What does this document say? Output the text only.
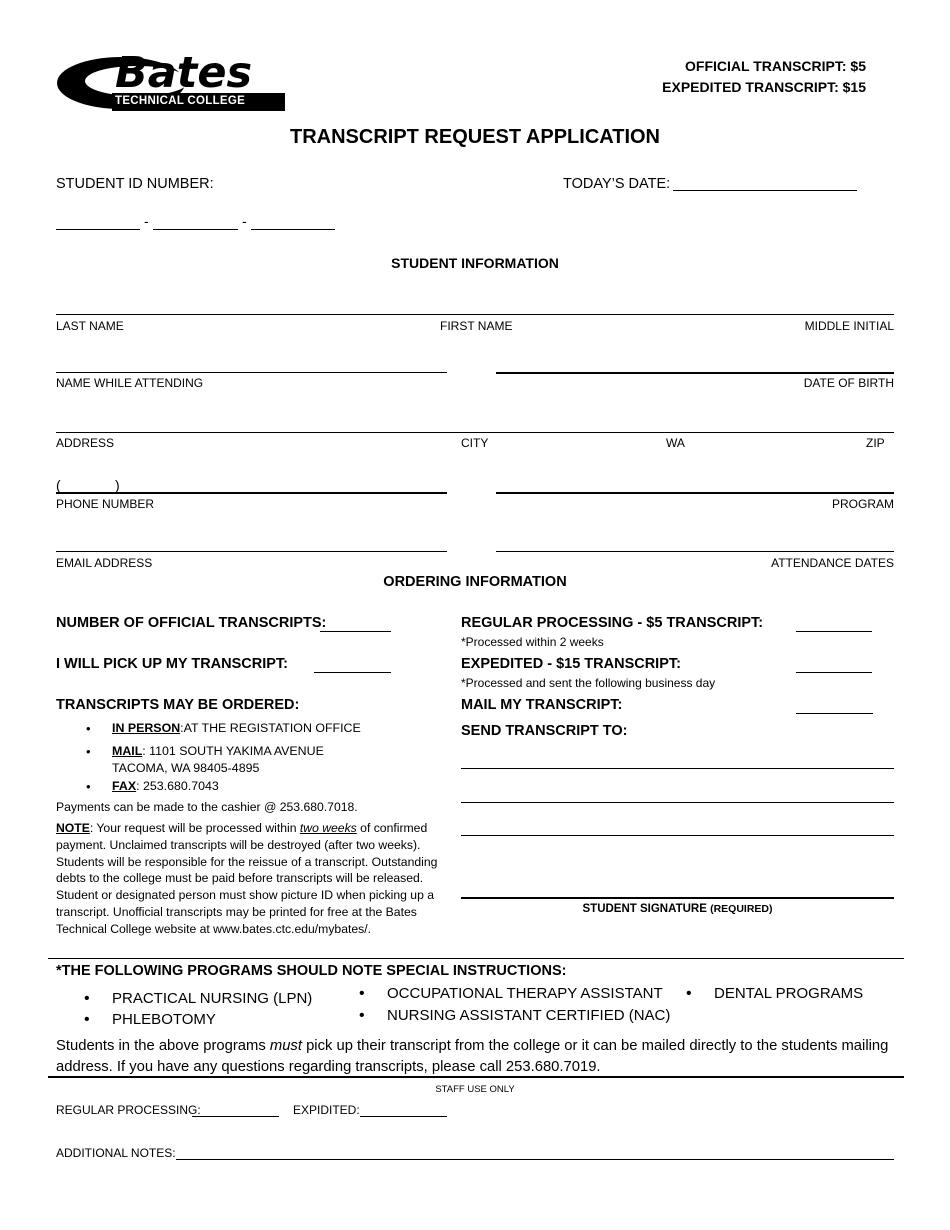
Bates
TECHNICAL COLLEGE
OFFICIAL TRANSCRIPT: $5
EXPEDITED TRANSCRIPT: $15
TRANSCRIPT REQUEST APPLICATION
STUDENT ID NUMBER:	TODAY’S DATE:
-	-
STUDENT INFORMATION
LAST NAME	FIRST NAME	MIDDLE INITIAL
NAME WHILE ATTENDING	DATE OF BIRTH
ADDRESS	CITY	WA	ZIP
(	)
PHONE NUMBER	PROGRAM
EMAIL ADDRESS	ATTENDANCE DATES
ORDERING INFORMATION
NUMBER OF OFFICIAL TRANSCRIPTS:
I WILL PICK UP MY TRANSCRIPT:
TRANSCRIPTS MAY BE ORDERED:
• IN PERSON:AT THE REGISTATION OFFICE
• MAIL: 1101 SOUTH YAKIMA AVENUE
TACOMA, WA 98405-4895
• FAX: 253.680.7043
Payments can be made to the cashier @ 253.680.7018.
NOTE: Your request will be processed within two weeks of confirmed payment. Unclaimed transcripts will be destroyed (after two weeks). Students will be responsible for the reissue of a transcript. Outstanding debts to the college must be paid before transcripts will be released. Student or designated person must show picture ID when picking up a transcript. Unofficial transcripts may be printed for free at the Bates Technical College website at www.bates.ctc.edu/mybates/.
REGULAR PROCESSING - $5 TRANSCRIPT:
*Processed within 2 weeks
EXPEDITED - $15 TRANSCRIPT:
*Processed and sent the following business day
MAIL MY TRANSCRIPT:
SEND TRANSCRIPT TO:
STUDENT SIGNATURE (REQUIRED)
*THE FOLLOWING PROGRAMS SHOULD NOTE SPECIAL INSTRUCTIONS:
• PRACTICAL NURSING (LPN)
• PHLEBOTOMY
• OCCUPATIONAL THERAPY ASSISTANT
• NURSING ASSISTANT CERTIFIED (NAC)
• DENTAL PROGRAMS
Students in the above programs must pick up their transcript from the college or it can be mailed directly to the students mailing address. If you have any questions regarding transcripts, please call 253.680.7019.
STAFF USE ONLY
REGULAR PROCESSING:	EXPIDITED:
ADDITIONAL NOTES:
